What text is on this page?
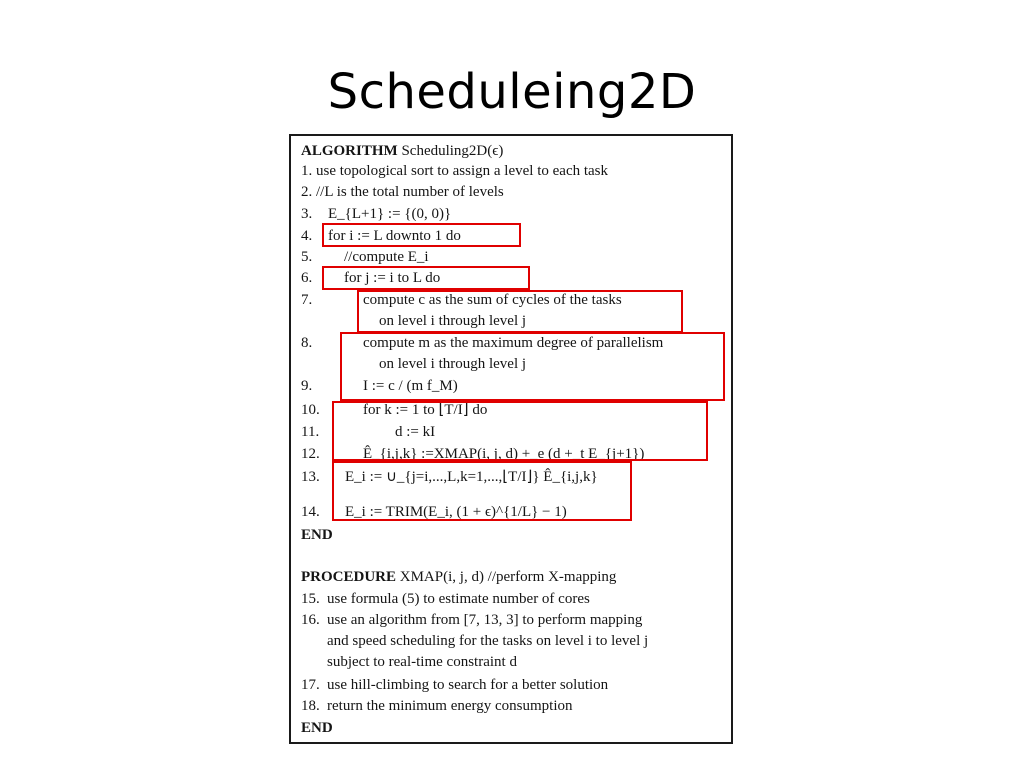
Scheduleing2D
ALGORITHM Scheduling2D(ϵ)
1. use topological sort to assign a level to each task
2. //L is the total number of levels
3. E_{L+1} := {(0, 0)}
4. for i := L downto 1 do
5. //compute E_i
6. for j := i to L do
7.	compute c as the sum of cycles of the tasks
on level i through level j
8.	compute m as the maximum degree of parallelism
on level i through level j
9.	I := c / (m f_M)
10.	for k := 1 to ⌊T/I⌋ do
11.	d := kI
12.	Ê_{i,j,k} :=XMAP(i, j, d) +_e (d +_t E_{j+1})
13. E_i := ∪_{j=i,...,L,k=1,...,⌊T/I⌋} Ê_{i,j,k}
14. E_i := TRIM(E_i, (1 + ϵ)^{1/L} − 1)
END
PROCEDURE XMAP(i, j, d) //perform X-mapping
15. use formula (5) to estimate number of cores
16. use an algorithm from [7, 13, 3] to perform mapping
and speed scheduling for the tasks on level i to level j
subject to real-time constraint d
17. use hill-climbing to search for a better solution
18. return the minimum energy consumption
END
